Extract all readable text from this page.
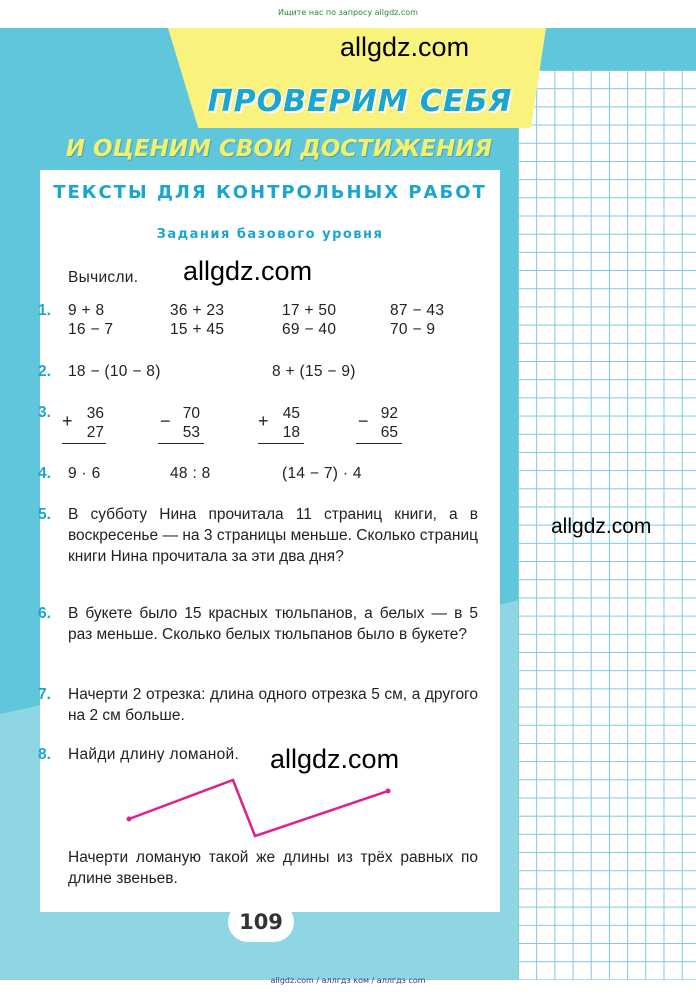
Ищите нас по запросу allgdz.com
ПРОВЕРИМ СЕБЯ
И ОЦЕНИМ СВОИ ДОСТИЖЕНИЯ
ТЕКСТЫ ДЛЯ КОНТРОЛЬНЫХ РАБОТ
Задания базового уровня
Вычисли.
1. 9 + 8	36 + 23	17 + 50	87 − 43
16 − 7	15 + 45	69 − 40	70 − 9
2. 18 − (10 − 8)	8 + (15 − 9)
3. + 36
27
− 70
53
+ 45
18
− 92
65
4. 9 · 6	48 : 8	(14 − 7) · 4
5. В субботу Нина прочитала 11 страниц книги, а в воскресенье — на 3 страницы меньше. Сколько страниц книги Нина прочитала за эти два дня?
6. В букете было 15 красных тюльпанов, а белых — в 5 раз меньше. Сколько белых тюльпанов было в букете?
7. Начерти 2 отрезка: длина одного отрезка 5 см, а другого на 2 см больше.
8. Найди длину ломаной.
Начерти ломаную такой же длины из трёх равных по длине звеньев.
109
allgdz.com
allgdz.com
allgdz.com
allgdz.com
allgdz.com / аллгдз ком / аллгдз com
